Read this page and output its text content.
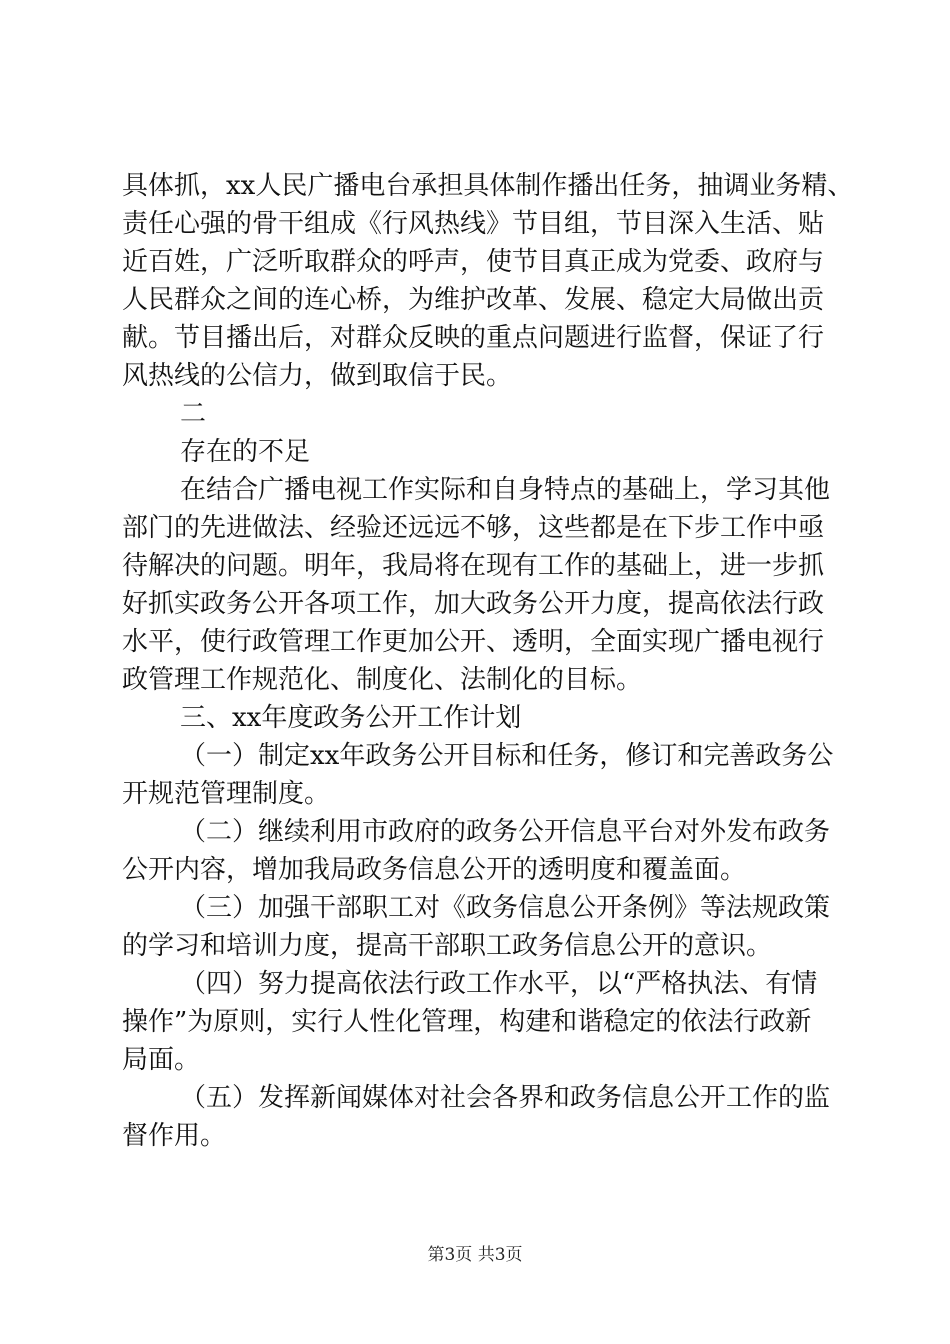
具体抓，xx人民广播电台承担具体制作播出任务，抽调业务精、
责任心强的骨干组成《行风热线》节目组，节目深入生活、贴
近百姓，广泛听取群众的呼声，使节目真正成为党委、政府与
人民群众之间的连心桥，为维护改革、发展、稳定大局做出贡
献。节目播出后，对群众反映的重点问题进行监督，保证了行
风热线的公信力，做到取信于民。
二
存在的不足
在结合广播电视工作实际和自身特点的基础上，学习其他
部门的先进做法、经验还远远不够，这些都是在下步工作中亟
待解决的问题。明年，我局将在现有工作的基础上，进一步抓
好抓实政务公开各项工作，加大政务公开力度，提高依法行政
水平，使行政管理工作更加公开、透明，全面实现广播电视行
政管理工作规范化、制度化、法制化的目标。
三、xx年度政务公开工作计划
（一）制定xx年政务公开目标和任务，修订和完善政务公
开规范管理制度。
（二）继续利用市政府的政务公开信息平台对外发布政务
公开内容，增加我局政务信息公开的透明度和覆盖面。
（三）加强干部职工对《政务信息公开条例》等法规政策
的学习和培训力度，提高干部职工政务信息公开的意识。
（四）努力提高依法行政工作水平，以“严格执法、有情
操作”为原则，实行人性化管理，构建和谐稳定的依法行政新
局面。
（五）发挥新闻媒体对社会各界和政务信息公开工作的监
督作用。
第3页 共3页
